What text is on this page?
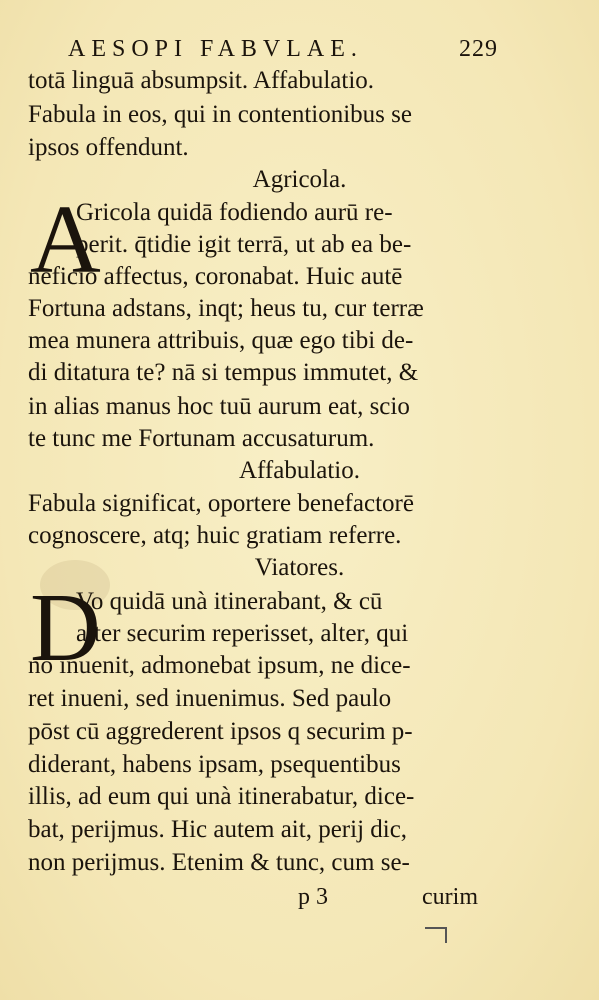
AESOPI FABVLAE.	229
totā linguā absumpsit. Affabulatio.
Fabula in eos, qui in contentionibus se
ipsos offendunt.
Agricola.
A
Gricola quidā fodiendo aurū re-
perit. q̄tidie igit terrā, ut ab ea be-
neficio affectus, coronabat. Huic autē
Fortuna adstans, inqt; heus tu, cur terræ
mea munera attribuis, quæ ego tibi de-
di ditatura te? nā si tempus immutet, &
in alias manus hoc tuū aurum eat, scio
te tunc me Fortunam accusaturum.
Affabulatio.
Fabula significat, oportere benefactorē
cognoscere, atq; huic gratiam referre.
Viatores.
D
Vo quidā unà itinerabant, & cū
alter securim reperisset, alter, qui
nō inuenit, admonebat ipsum, ne dice-
ret inueni, sed inuenimus. Sed paulo
pōst cū aggrederent ipsos q securim p-
diderant, habens ipsam, psequentibus
illis, ad eum qui unà itinerabatur, dice-
bat, perijmus. Hic autem ait, perij dic,
non perijmus. Etenim & tunc, cum se-
p 3	curim
